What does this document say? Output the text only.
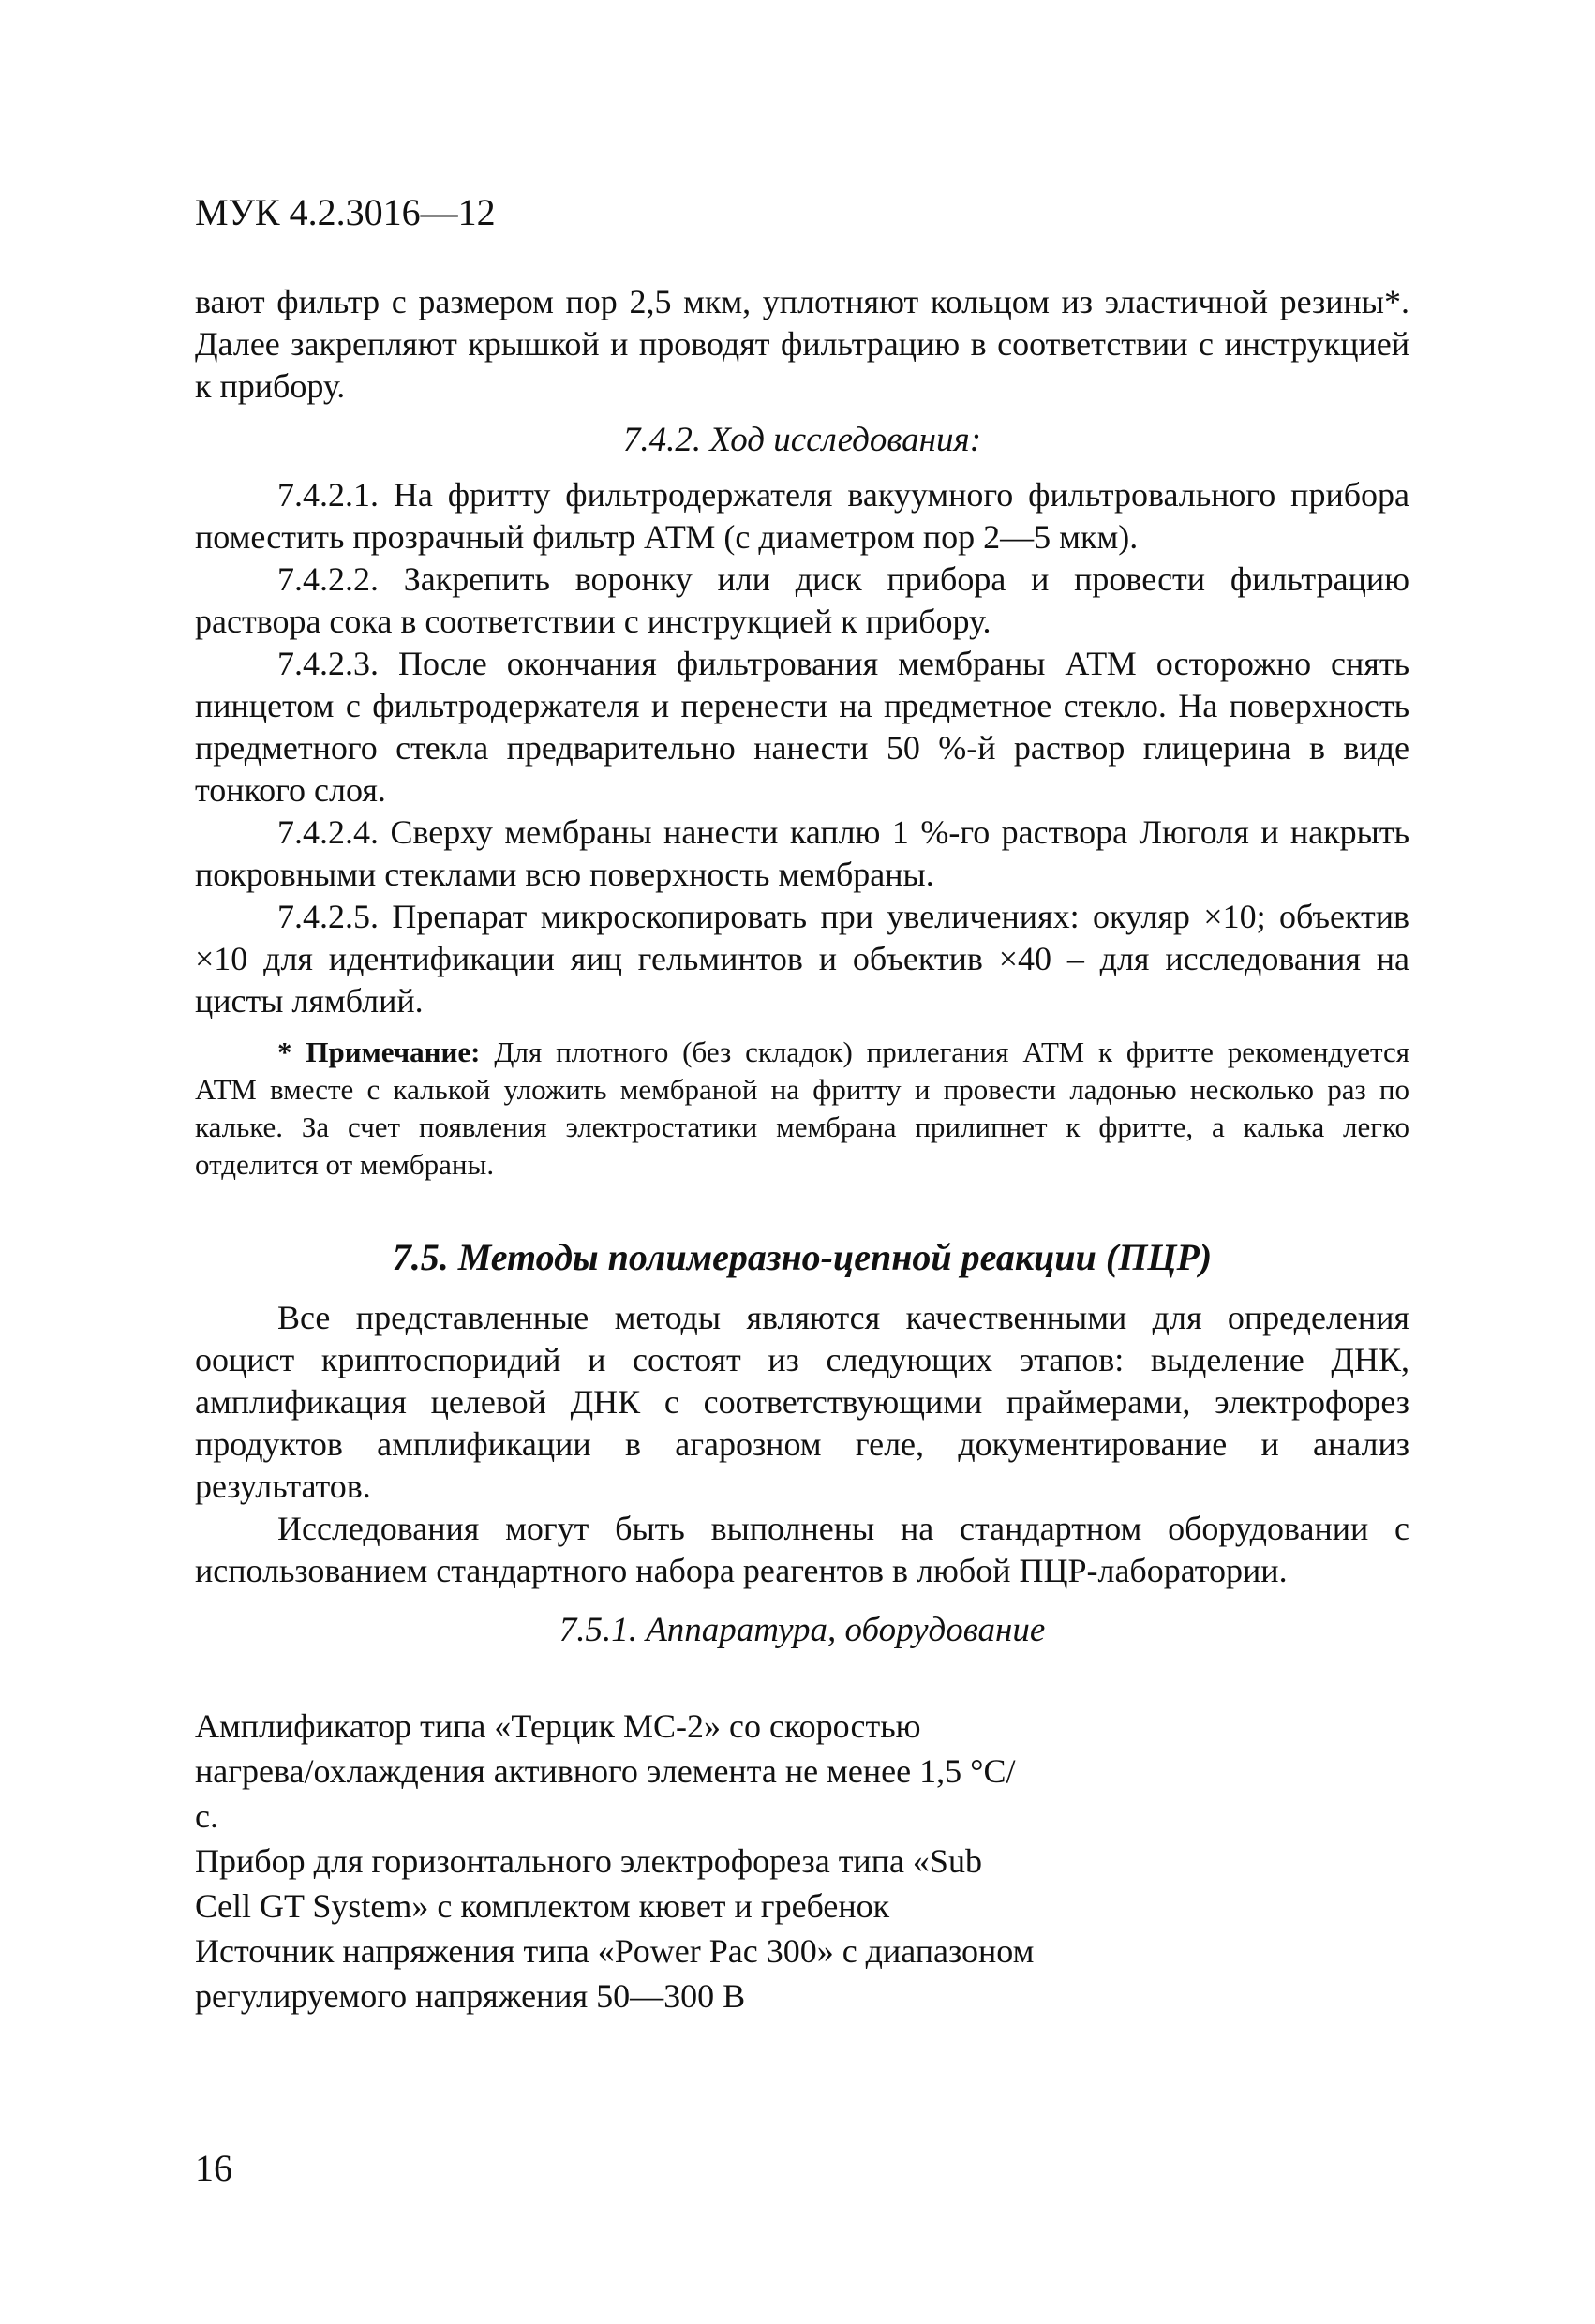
МУК 4.2.3016—12

вают фильтр с размером пор 2,5 мкм, уплотняют кольцом из эластичной резины*. Далее закрепляют крышкой и проводят фильтрацию в соответствии с инструкцией к прибору.

7.4.2. Ход исследования:

7.4.2.1. На фритту фильтродержателя вакуумного фильтровального прибора поместить прозрачный фильтр АТМ (с диаметром пор 2—5 мкм).

7.4.2.2. Закрепить воронку или диск прибора и провести фильтрацию раствора сока в соответствии с инструкцией к прибору.

7.4.2.3. После окончания фильтрования мембраны АТМ осторожно снять пинцетом с фильтродержателя и перенести на предметное стекло. На поверхность предметного стекла предварительно нанести 50 %-й раствор глицерина в виде тонкого слоя.

7.4.2.4. Сверху мембраны нанести каплю 1 %-го раствора Люголя и накрыть покровными стеклами всю поверхность мембраны.

7.4.2.5. Препарат микроскопировать при увеличениях: окуляр ×10; объектив ×10 для идентификации яиц гельминтов и объектив ×40 – для исследования на цисты лямблий.

* Примечание: Для плотного (без складок) прилегания АТМ к фритте рекомендуется АТМ вместе с калькой уложить мембраной на фритту и провести ладонью несколько раз по кальке. За счет появления электростатики мембрана прилипнет к фритте, а калька легко отделится от мембраны.

7.5. Методы полимеразно-цепной реакции (ПЦР)

Все представленные методы являются качественными для определения ооцист криптоспоридий и состоят из следующих этапов: выделение ДНК, амплификация целевой ДНК с соответствующими праймерами, электрофорез продуктов амплификации в агарозном геле, документирование и анализ результатов.

Исследования могут быть выполнены на стандартном оборудовании с использованием стандартного набора реагентов в любой ПЦР-лаборатории.

7.5.1. Аппаратура, оборудование

Амплификатор типа «Терцик МС-2» со скоростью нагрева/охлаждения активного элемента не менее 1,5 °С/с.

Прибор для горизонтального электрофореза типа «Sub Cell GT System» с комплектом кювет и гребенок

Источник напряжения типа «Power Pac 300» с диапазоном регулируемого напряжения 50—300 В

16
